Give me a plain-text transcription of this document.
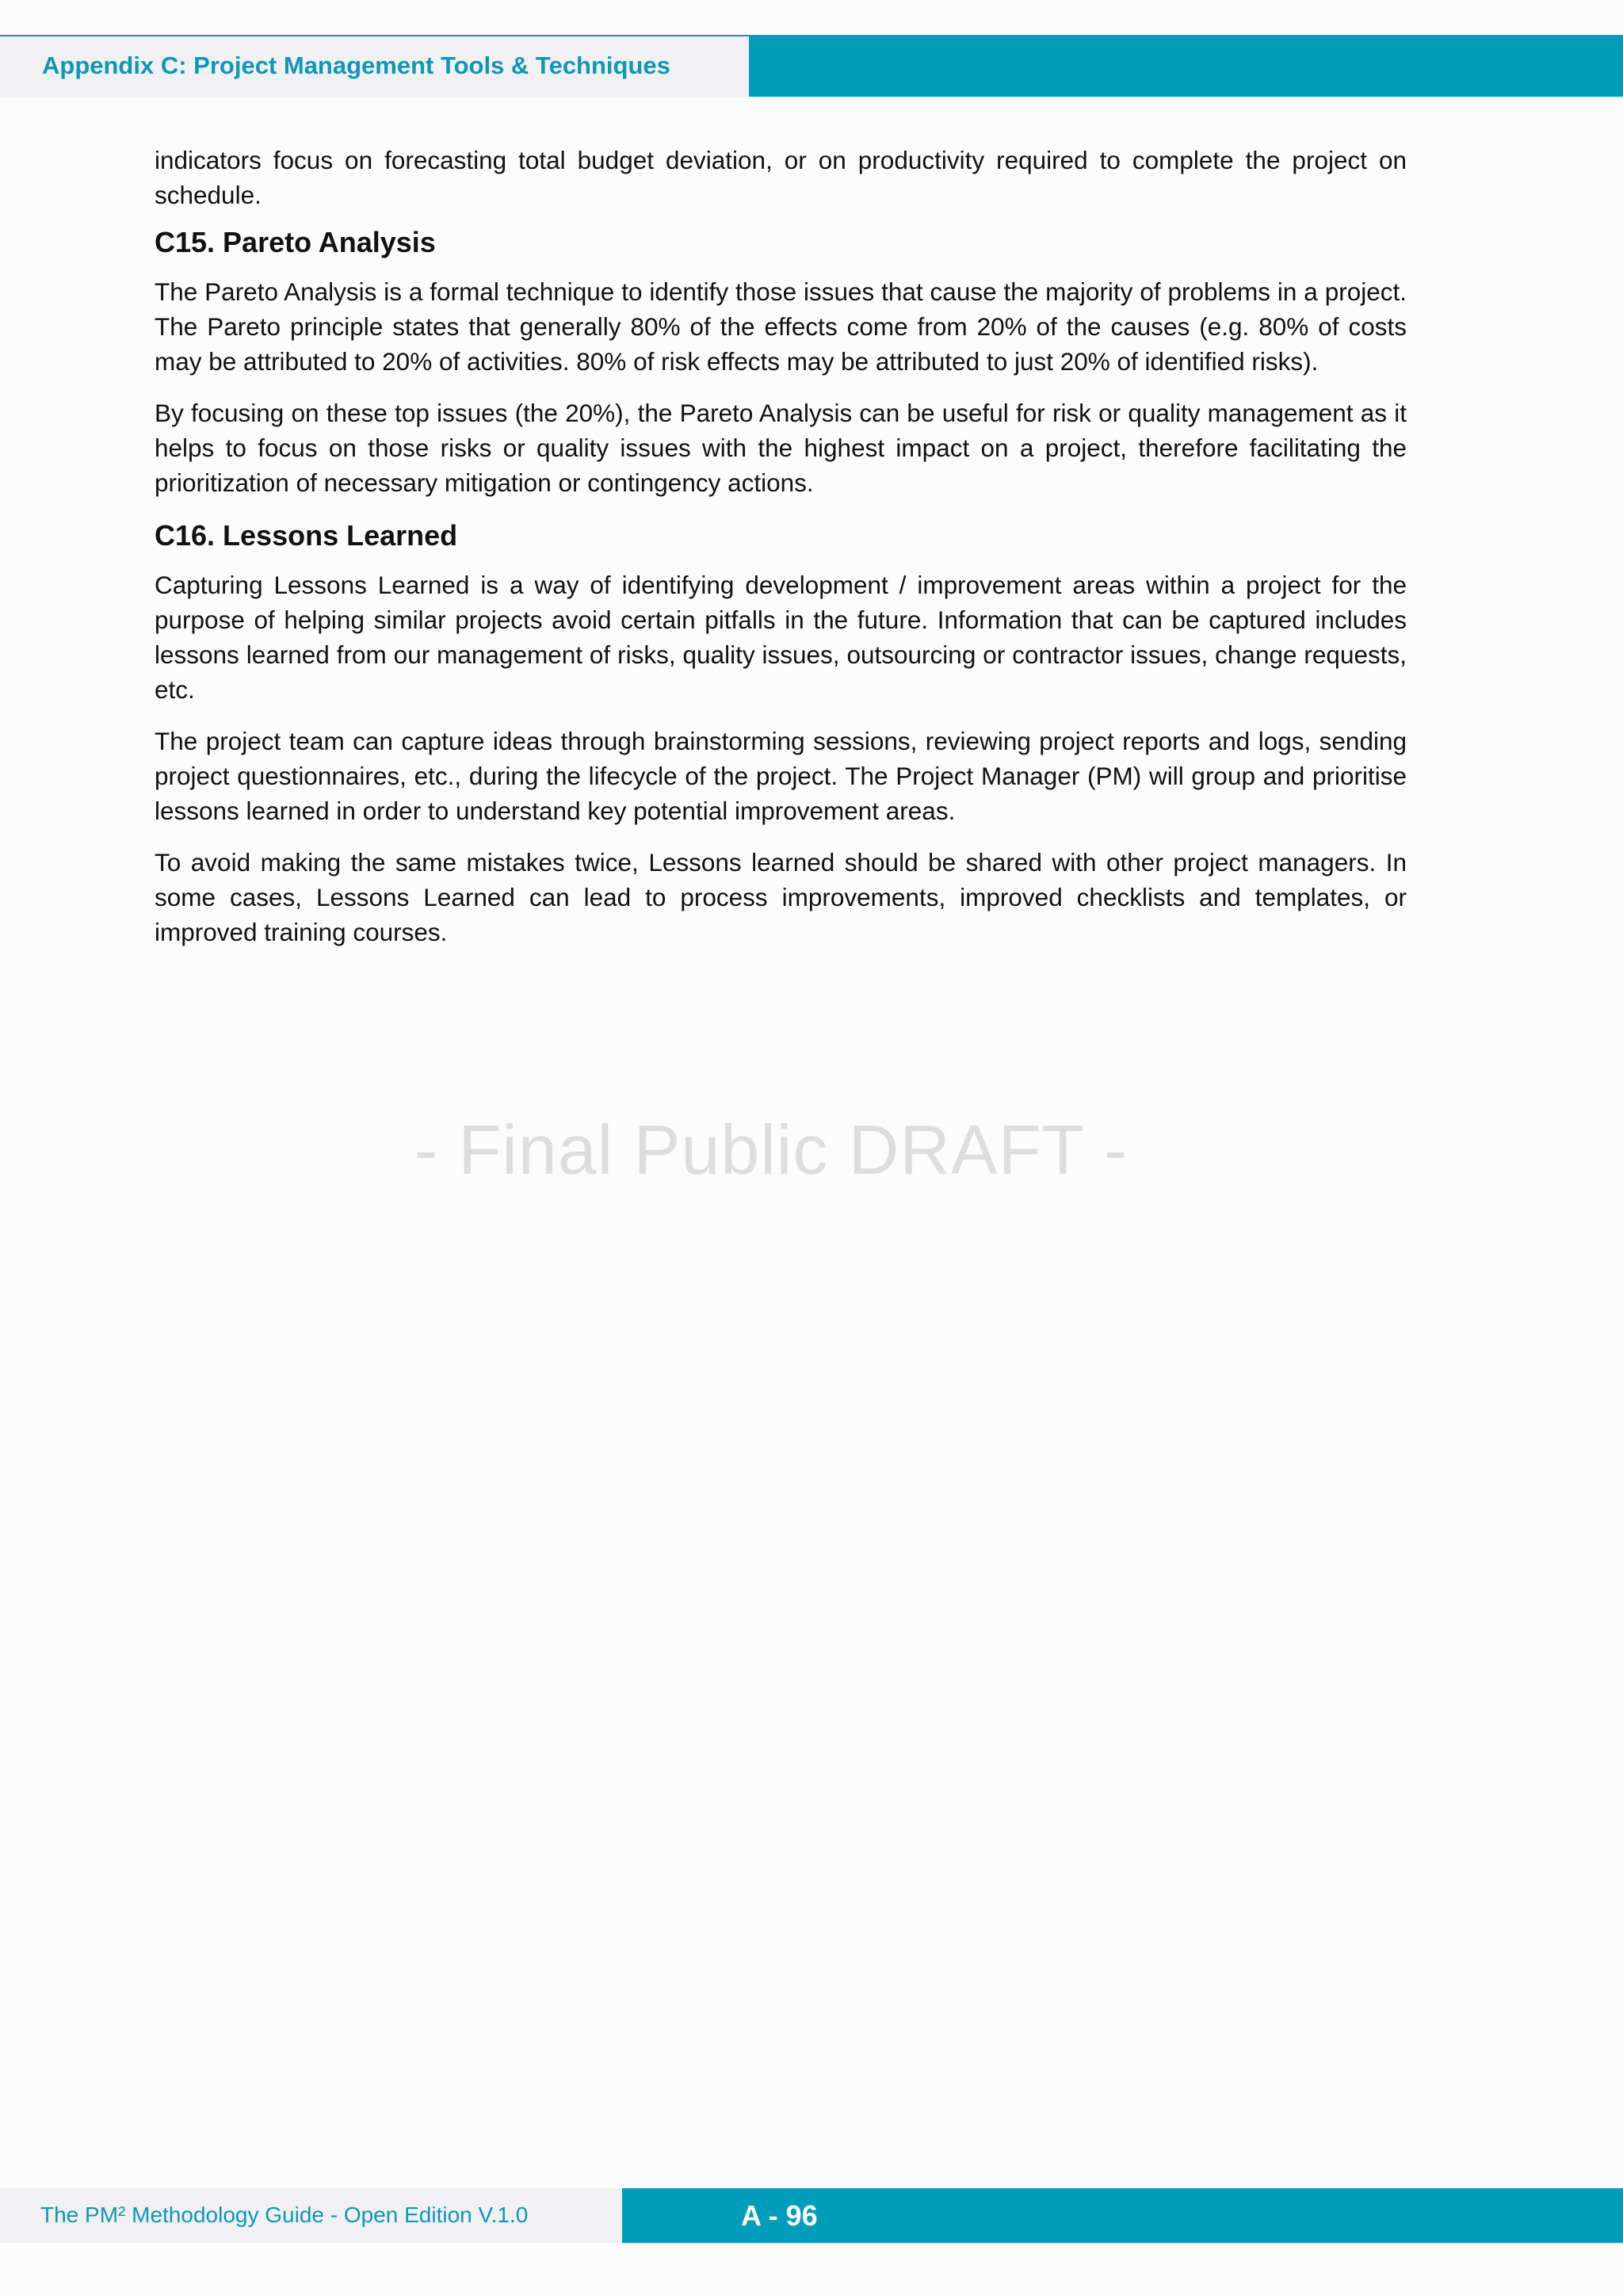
Appendix C: Project Management Tools & Techniques

indicators focus on forecasting total budget deviation, or on productivity required to complete the project on schedule.

C15. Pareto Analysis

The Pareto Analysis is a formal technique to identify those issues that cause the majority of problems in a project. The Pareto principle states that generally 80% of the effects come from 20% of the causes (e.g. 80% of costs may be attributed to 20% of activities. 80% of risk effects may be attributed to just 20% of identified risks).

By focusing on these top issues (the 20%), the Pareto Analysis can be useful for risk or quality management as it helps to focus on those risks or quality issues with the highest impact on a project, therefore facilitating the prioritization of necessary mitigation or contingency actions.

C16. Lessons Learned

Capturing Lessons Learned is a way of identifying development / improvement areas within a project for the purpose of helping similar projects avoid certain pitfalls in the future. Information that can be captured includes lessons learned from our management of risks, quality issues, outsourcing or contractor issues, change requests, etc.

The project team can capture ideas through brainstorming sessions, reviewing project reports and logs, sending project questionnaires, etc., during the lifecycle of the project. The Project Manager (PM) will group and prioritise lessons learned in order to understand key potential improvement areas.

To avoid making the same mistakes twice, Lessons learned should be shared with other project managers. In some cases, Lessons Learned can lead to process improvements, improved checklists and templates, or improved training courses.

- Final Public DRAFT -
The PM² Methodology Guide - Open Edition V.1.0	A - 96
